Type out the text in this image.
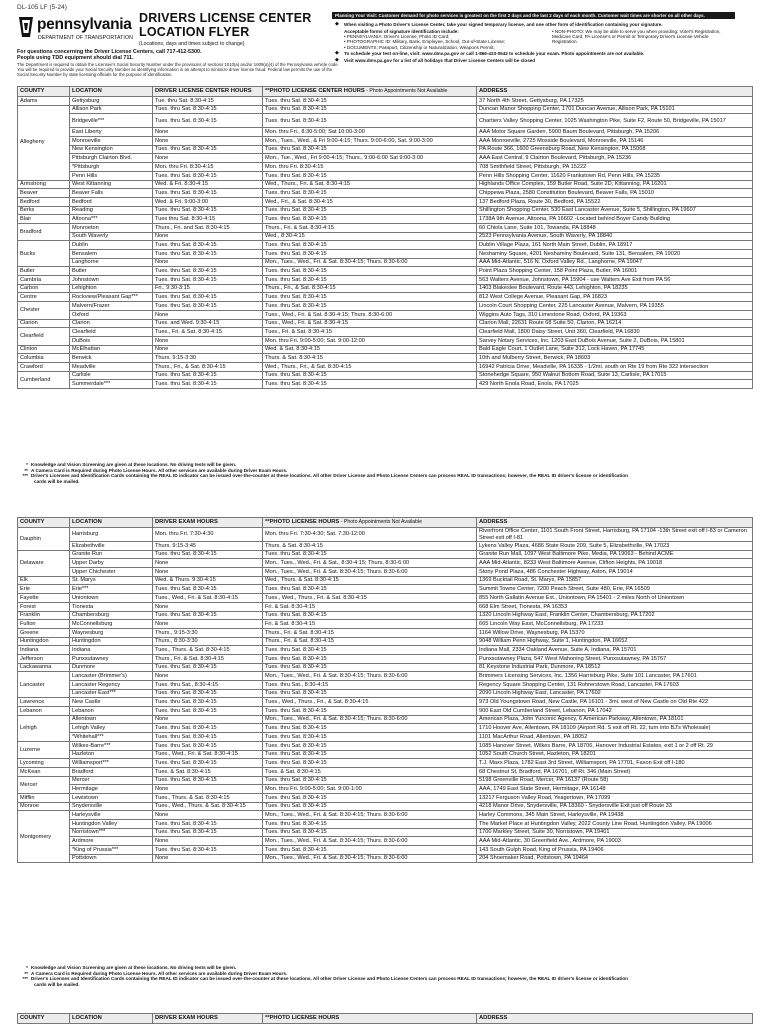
DL-105 LF (5-24)
pennsylvania
DEPARTMENT OF TRANSPORTATION
DRIVERS LICENSE CENTER
LOCATION FLYER
(Locations, days and times subject to change)
For questions concerning the Driver License Centers, call 717-412-5300.
People using TDD equipment should dial 711.
The Department is required to obtain the Licensee's Social Security Number under the provisions of sections 1510(a) and/or 1609(a)(4) of the Pennsylvania vehicle code. You will be required to provide your Social Security Number as identifying information in an attempt to minimize driver license fraud. Federal law permits the use of the Social Security Number by state licensing officials for the purpose of identification.
Planning Your Visit: Customer demand for photo services is greatest on the first 2 days and the last 2 days of each month. Customer wait times are shorter on all other days.
◆	When visiting a Photo Driver's License Center, take your signed temporary license, and one other form of identification containing your signature.
Acceptable forms of signature identification include:
• PENNSYLVANIA: Driver's License, Photo ID Card;
• PHOTOGRAPHIC ID: Military, Bank, Employee, School, Out-of-State License;
• DOCUMENTS: Passport, Citizenship or Naturalization, Weapons Permit;
• NON-PHOTO: We may be able to serve you when providing: Voter's Registration, Medicare Card, PA License's or Permit or Temporary Driver's License Vehicle Registration.
◆	To schedule your test on-line, visit: www.dmv.pa.gov or call 1-866-423-0542 to schedule your exam. Photo appointments are not available.
◆	Visit www.dmv.pa.gov for a list of all holidays that Driver License Centers will be closed
COUNTY	LOCATION	DRIVER LICENSE CENTER HOURS	**PHOTO LICENSE CENTER HOURS - Photo Appointments Not Available	ADDRESS
Adams	Gettysburg	Tue. thru Sat. 8:30-4:15	Tues. thru Sat. 8:30-4:15	37 North 4th Street, Gettysburg, PA 17325
Allegheny	Allison Park	Tues. thru Sat. 8:30-4:15	Tues. thru Sat. 8:30-4:15	Duncan Manor Shopping Center, 1701 Duncan Avenue, Allison Park, PA 15101
	Bridgeville***	Tues. thru Sat. 8:30-4:15	Tues. thru Sat. 8:30-4:15	Chartiers Valley Shopping Center, 1025 Washington Pike, Suite F2, Route 50, Bridgeville, PA 15017
	East Liberty	None	Mon. thru Fri., 8:30-5:00; Sat 10:00-3:00	AAA Motor Square Garden, 5900 Baum Boulevard, Pittsburgh, PA 15206
	Monroeville	None	Mon., Tues., Wed., & Fri 9:00-4:15; Thurs. 9:00-6:00, Sat. 9:00-3:00	AAA Monroeville, 2725 Mosside Boulevard, Monroeville, PA 15146
	New Kensington	Tues. thru Sat. 8:30-4:15	Tues. thru Sat. 8:30-4:15	PA Route 366, 1600 Greensburg Road, New Kensington, PA 15068
	Pittsburgh Clairton Blvd.	None	Mon., Tue., Wed., Fri 9:00-4:15; Thurs., 9:00-6:00 Sat 9:00-3:00	AAA East Central, 9 Clairton Boulevard, Pittsburgh, PA 15236
	*Pittsburgh	Mon. thru Fri. 8:30-4:15	Mon. thru Fri. 8:30-4:15	708 Smithfield Street, Pittsburgh, PA 15222
	Penn Hills	Tues. thru Sat. 8:30-4:15	Tues. thru Sat. 8:30-4:15	Penn Hills Shopping Center, 11620 Frankstown Rd, Penn Hills, PA 15235
Armstrong	West Kittanning	Wed. & Fri. 8:30-4:15	Wed., Thurs., Fri. & Sat. 8:30-4:15	Highlands Office Complex, 159 Butler Road, Suite 2D, Kittanning, PA 16201
Beaver	Beaver Falls	Tues. thru Sat. 8:30-4:15	Tues. thru Sat. 8:30-4:15	Chippewa Plaza, 2580 Constitution Boulevard, Beaver Falls, PA 15010
Bedford	Bedford	Wed. & Fri. 9:00-3:00	Wed., Fri., & Sat. 8:30-4:15	137 Bedford Plaza, Route 30, Bedford, PA 15522
Berks	Reading	Tues. thru Sat. 8:30-4:15	Tues. thru Sat. 8:30-4:15	Shillington Shopping Center, 530 East Lancaster Avenue, Suite 5, Shillington, PA 19607
Blair	Altoona***	Tues thru Sat. 8:30-4:15	Tues. thru Sat. 8:30-4:15	1738A 9th Avenue, Altoona, PA 16602 -Located behind Boyer Candy Building
Bradford	Monroeton	Thurs., Fri. and Sat. 8:30-4:15	Thurs., Fri. & Sat. 8:30-4:15	60 Chiola Lane, Suite 101, Towanda, PA 18848
	South Waverly	None	Wed., 8:30-4:15	2523 Pennsylvania Avenue, South Waverly, PA 18840
Bucks	Dublin	Tues. thru Sat. 8:30-4:15	Tues. thru Sat. 8:30-4:15	Dublin Village Plaza, 161 North Main Street, Dublin, PA 18917
	Bensalem	Tues. thru Sat. 8:30-4:15	Tues. thru Sat. 8:30-4:15	Neshaminy Square, 4201 Neshaminy Boulevard, Suite 131, Bensalem, PA 19020
	Langhorne	None	Mon., Tues., Wed., Fri. & Sat. 8:30-4:15; Thurs. 8:30-6:00	AAA Mid-Atlantic, 516 N. Oxford Valley Rd., Langhorne, PA 19047
Butler	Butler	Tues. thru Sat. 8:30-4:15	Tues. thru Sat. 8:30-4:15	Point Plaza Shopping Center, 158 Point Plaza, Butler, PA 16001
Cambria	Johnstown	Tues. thru Sat. 8:30-4:15	Tues. thru Sat. 8:30-4:15	563 Walters Avenue, Johnstown, PA 15904 - use Walters Ave Exit from PA 56
Carbon	Lehighton	Fri., 9:30-3:15	Thurs., Fri., & Sat. 8:30-4:15	1403 Blakeslee Boulevard, Route 443, Lehighton, PA 18235
Centre	Rockview/Pleasant Gap***	Tues. thru Sat. 8:30-4:15	Tues. thru Sat. 8:30-4:15	812 West College Avenue, Pleasant Gap, PA 16823
Chester	Malvern/Frazer	Tues. thru Sat. 8:30-4:15	Tues. thru Sat. 8:30-4:15	Lincoln Court Shopping Center, 225 Lancaster Avenue, Malvern, PA 19355
	Oxford	None	Tues., Wed., Fri. & Sat. 8:30-4:15; Thurs. 8:30-6:00	Wiggins Auto Tags, 310 Limestone Road, Oxford, PA 19363
Clarion	Clarion	Tues. and Wed. 9:30-4:15	Tues., Wed., Fri. & Sat. 8:30-4:15	Clarion Mall, 22631 Route 68 Suite 50, Clarion, PA 16214
Clearfield	Clearfield	Tues., Fri. & Sat. 8:30-4:15	Tues., Fri. & Sat. 8:30-4:15	Clearfield Mall, 1800 Daisy Street, Unit 360, Clearfield, PA 16830
	DuBois	None	Mon. thru Fri. 9:00-5:00; Sat. 9:00-12:00	Sarvey Notary Services, Inc. 1203 East DuBois Avenue, Suite 2, DuBois, PA 15801
Clinton	McElhattan	None	Wed. & Sat. 8:30-4:15	Bald Eagle Court, 1 Outlet Lane, Suite 312, Lock Haven, PA 17745
Columbia	Berwick	Thurs. 9:15-3:30	Thurs. & Sat. 8:30-4:15	10th and Mulberry Street, Berwick, PA 18603
Crawford	Meadville	Thurs., Fri., & Sat. 8:30-4:15	Wed., Thurs., Fri., & Sat. 8:30-4:15	16942 Patricia Drive, Meadville, PA 16335 - 1/2mi. south on Rte 19 from Rte 322 intersection
Cumberland	Carlisle	Tues. thru Sat. 8:30-4:15	Tues. thru Sat. 8:30-4:15	Stonehedge Square, 950 Walnut Bottom Road, Suite 13, Carlisle, PA 17015
	Summerdale***	Tues. thru Sat. 8:30-4:15	Tues. thru Sat. 8:30-4:15	429 North Enola Road, Enola, PA 17025
* Knowledge and Vision Screening are given at these locations. No driving tests will be given.
** A Camera Card is Required during Photo License Hours. All other services are available during Driver Exam Hours.
*** Driver's Licenses and Identification Cards containing the REAL ID indicator can be issued over-the-counter at these locations. All other Driver License and Photo License Centers can process REAL ID transactions; however, the REAL ID driver's license or identification
cards will be mailed.
COUNTY	LOCATION	DRIVER EXAM HOURS	**PHOTO LICENSE HOURS - Photo Appointments Not Available	ADDRESS
Dauphin	Harrisburg	Mon. thru Fri. 7:30-4:30	Mon. thru Fri. 7:30-4:30; Sat. 7:30-12:00	Riverfront Office Center, 1101 South Front Street, Harrisburg, PA 17104 -13th Street exit off I-83 or Cameron Street exit off I-81
	Elizabethville	Thurs. 9:15-3:45	Thurs. & Sat. 8:30-4:15	Lykens Valley Plaza, 4686 State Route 209, Suite 5, Elizabethville, PA 17023
Delaware	Granite Run	Tues. thru Sat. 8:30-4:15	Tues. thru Sat. 8:30-4:15	Granite Run Mall, 1097 West Baltimore Pike, Media, PA 19063 - Behind ACME
	Upper Darby	None	Mon., Tues., Wed., Fri. & Sat., 8:30-4:15; Thurs. 8:30-6:00	AAA Mid-Atlantic, 8233 West Baltimore Avenue, Clifton Heights, PA 19018
	Upper Chichester	None	Mon., Tues., Wed., Fri. & Sat. 8:30-4:15; Thurs. 8:30-6:00	Stony Pond Plaza, 486 Conchester Highway, Aston, PA 19014
Elk	St. Marys	Wed. & Thurs. 9:30-4:15	Wed., Thurs. & Sat. 8:30-4:15	1369 Bucktail Road, St. Marys, PA 15857
Erie	Erie***	Tues. thru Sat. 8:30-4:15	Tues. thru Sat. 8:30-4:15	Summit Towne Center, 7200 Peach Street, Suite 480, Erie, PA 16509
Fayette	Uniontown	Tues., Wed., Fri. & Sat. 8:30-4:15	Tues., Wed., Thurs., Fri. & Sat. 8:30-4:15	855 North Gallatin Avenue Ext., Uniontown, PA 15401 - 2 miles North of Uniontown
Forest	Tionesta	None	Fri. & Sat. 8:30-4:15	668 Elm Street, Tionesta, PA 16353
Franklin	Chambersburg	Tues. thru Sat. 8:30-4:15	Tues. thru Sat. 8:30-4:15	1320 Lincoln Highway East, Franklin Center, Chambersburg, PA 17202
Fulton	McConnellsburg	None	Fri. & Sat. 8:30-4:15	665 Lincoln Way East, McConnellsburg, PA 17233
Greene	Waynesburg	Thurs., 9:15-3:30	Thurs., Fri. & Sat. 8:30-4:15	1164 Willow Drive, Waynesburg, PA 15370
Huntingdon	Huntingdon	Thurs., 8:30-3:30	Thurs., Fri. & Sat. 8:30-4:15	9048 William Penn Highway, Suite 1, Huntingdon, PA 16652
Indiana	Indiana	Tues., Thurs. & Sat. 8:30-4:15	Tues. thru Sat. 8:30-4:15	Indiana Mall, 2334 Oakland Avenue, Suite A, Indiana, PA 15701
Jefferson	Punxsutawney	Thurs., Fri. & Sat. 8:30-4:15	Tues. thru Sat. 8:30-4:15	Punxsutawney Plaza, 547 West Mahoning Street, Punxsutawney, PA 15767
Lackawanna	Dunmore	Tues. thru Sat. 8:30-4:15	Tues. thru Sat. 8:30-4:15	81 Keystone Industrial Park, Dunmore, PA 18512
Lancaster	Lancaster (Brimmer's)	None	Mon., Tues., Wed., Fri. & Sat. 8:30-4:15; Thurs. 8:30-6:00	Brimmers Licensing Services, Inc. 1356 Harrisburg Pike, Suite 101 Lancaster, PA 17601
	Lancaster Regency	Tues. thru Sat., 8:30-4:15	Tues. thru Sat., 8:30-4:15	Regency Square Shopping Center, 131 Rohrerstown Road, Lancaster, PA 17603
	Lancaster East***	Tues. thru Sat. 8:30-4:15	Tues. thru Sat. 8:30-4:15	2090 Lincoln Highway East, Lancaster, PA 17602
Lawrence	New Castle	Tues. thru Sat. 8:30-4:15	Tues., Wed., Thurs., Fri., & Sat. 8:30-4:15	973 Old Youngstown Road, New Castle, PA 16101 - 3mi. west of New Castle on Old Rte 422
Lebanon	Lebanon	Tues. thru Sat. 8:30-4:15	Tues. thru Sat. 8:30-4:15	900 East Old Cumberland Street, Lebanon, PA 17042
Lehigh	Allentown	None	Mon., Tues., Wed., Fri. & Sat. 8:30-4:15; Thurs. 8:30-6:00	American Plaza, John Yurconic Agency, 6 American Parkway, Allentown, PA 18101
	Lehigh Valley	Tues. thru Sat. 8:30-4:15	Tues. thru Sat. 8:30-4:15	1710 Hoover Ave, Allentown, PA 18109 (Airport Rd. S exit off Rt. 22, turn into BJ's Wholesale)
	*Whitehall***	Tues. thru Sat. 8:30-4:15	Tues. thru Sat. 8:30-4:15	1101 MacArthur Road, Allentown, PA 18052
Luzerne	Wilkes-Barre***	Tues. thru Sat. 8:30-4:15	Tues. thru Sat. 8:30-4:15	1085 Hanover Street, Wilkes Barre, PA 18706, Hanover Industrial Estates, exit 1 or 2 off Rt. 29
	Hazleton	Tues., Wed., Fri. & Sat. 8:30-4:15	Tues. thru Sat. 8:30-4:15	1052 South Church Street, Hazleton, PA 18201
Lycoming	Williamsport***	Tues. thru Sat. 8:30-4:15	Tues. thru Sat. 8:30-4:15	T.J. Maxx Plaza, 1782 East 3rd Street, Williamsport, PA 17701, Faxon Exit off I-180
McKean	Bradford	Tues. & Sat. 8:30-4:15	Tues. & Sat. 8:30-4:15	68 Chestnut St, Bradford, PA 16701, off Rt. 346 (Main Street)
Mercer	Mercer	Tues. thru Sat. 8:30-4:15	Tues. thru Sat. 8:30-4:15	5198 Greenville Road, Mercer, PA 16137 (Route 58)
	Hermitage	None	Mon. thru Fri. 9:00-5:00; Sat. 9:00-1:00	AAA, 1749 East State Street, Hermitage, PA 16148
Mifflin	Lewistown	Tues., Thurs. & Sat. 8:30-4:15	Tues. thru Sat. 8:30-4:15	13217 Ferguson Valley Road, Yeagertown, PA 17099
Monroe	Snydersville	Tues., Wed., Thurs. & Sat. 8:30-4:15	Tues. thru Sat. 8:30-4:15	4218 Manor Drive, Snydersville, PA 18360 - Snydersville Exit just off Route 33
Montgomery	Harleysville	None	Mon., Tues., Wed., Fri. & Sat. 8:30-4:15; Thurs. 8:30-6:00	Harley Commons, 345 Main Street, Harleysville, PA 19438
	Huntingdon Valley	Tues. thru Sat. 8:30-4:15	Tues. thru Sat. 8:30-4:15	The Market Place at Huntingdon Valley, 2022 County Line Road, Huntingdon Valley, PA 19006
	Norristown***	Tues. thru Sat. 8:30-4:15	Tues. thru Sat. 8:30-4:15	1700 Markley Street, Suite 30, Norristown, PA 19401
	Ardmore	None	Mon., Tues., Wed., Fri. & Sat. 8:30-4:15; Thurs. 8:30-6:00	AAA Mid-Atlantic, 30 Greenfield Ave., Ardmore, PA 19003
	*King of Prussia***	Tues. thru Sat. 8:30-4:15	Tues. thru Sat. 8:30-4:15	143 South Gulph Road, King of Prussia, PA 19406
	Pottstown	None	Mon., Tues., Wed., Fri. & Sat. 8:30-4:15; Thurs. 8:30-6:00	204 Shoemaker Road, Pottstown, PA 19464
* Knowledge and Vision Screening are given at these locations. No driving tests will be given.
** A Camera Card is Required during Photo License Hours. All other services are available during Driver Exam Hours.
*** Driver's Licenses and Identification Cards containing the REAL ID indicator can be issued over-the-counter at these locations. All other Driver License and Photo License Centers can process REAL ID transactions; however, the REAL ID driver's license or identification
cards will be mailed.
COUNTY	LOCATION	DRIVER EXAM HOURS	**PHOTO LICENSE HOURS	ADDRESS
